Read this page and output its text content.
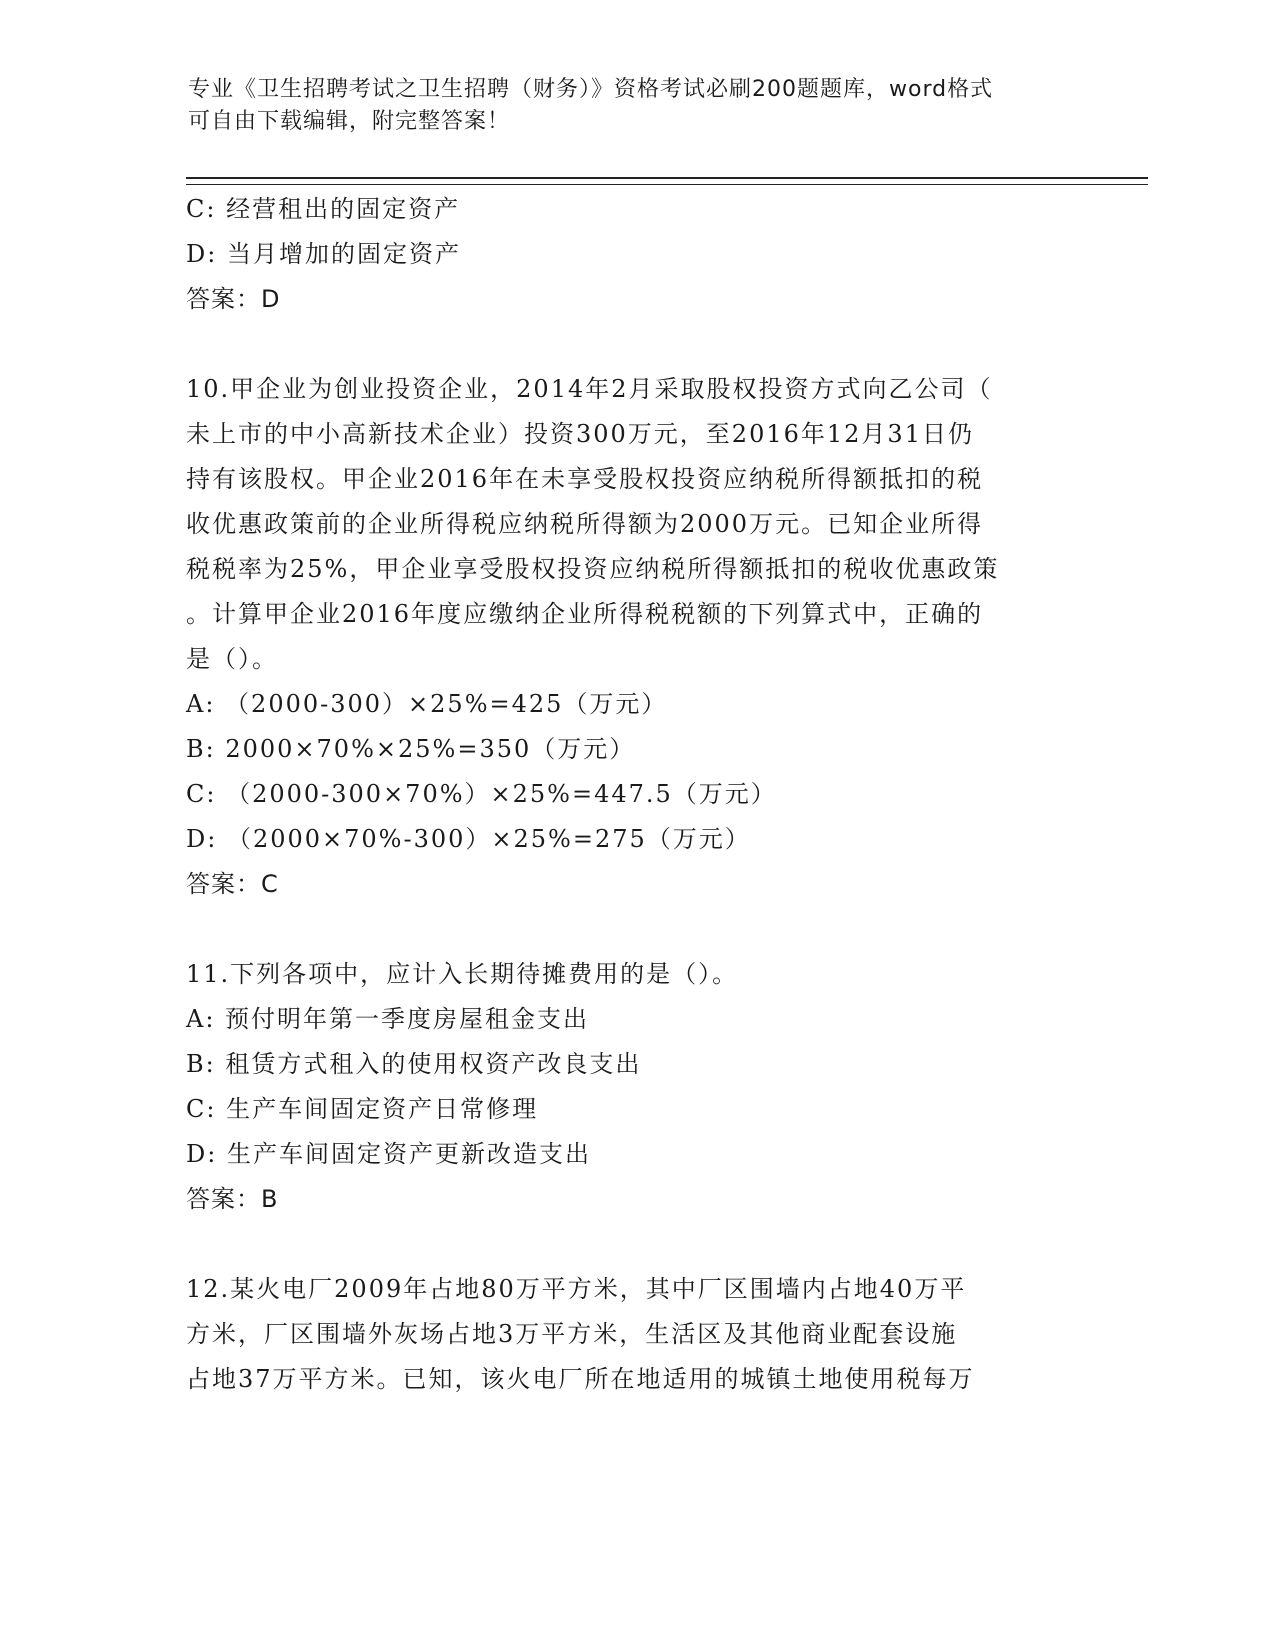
专业《卫生招聘考试之卫生招聘（财务）》资格考试必刷200题题库，word格式
可自由下载编辑，附完整答案！
C: 经营租出的固定资产
D: 当月增加的固定资产
答案：D
10.甲企业为创业投资企业，2014年2月采取股权投资方式向乙公司（
未上市的中小高新技术企业）投资300万元，至2016年12月31日仍
持有该股权。甲企业2016年在未享受股权投资应纳税所得额抵扣的税
收优惠政策前的企业所得税应纳税所得额为2000万元。已知企业所得
税税率为25%，甲企业享受股权投资应纳税所得额抵扣的税收优惠政策
。计算甲企业2016年度应缴纳企业所得税税额的下列算式中，正确的
是（）。
A: （2000-300）×25%=425（万元）
B: 2000×70%×25%=350（万元）
C: （2000-300×70%）×25%=447.5（万元）
D: （2000×70%-300）×25%=275（万元）
答案：C
11.下列各项中，应计入长期待摊费用的是（）。
A: 预付明年第一季度房屋租金支出
B: 租赁方式租入的使用权资产改良支出
C: 生产车间固定资产日常修理
D: 生产车间固定资产更新改造支出
答案：B
12.某火电厂2009年占地80万平方米，其中厂区围墙内占地40万平
方米，厂区围墙外灰场占地3万平方米，生活区及其他商业配套设施
占地37万平方米。已知，该火电厂所在地适用的城镇土地使用税每万
